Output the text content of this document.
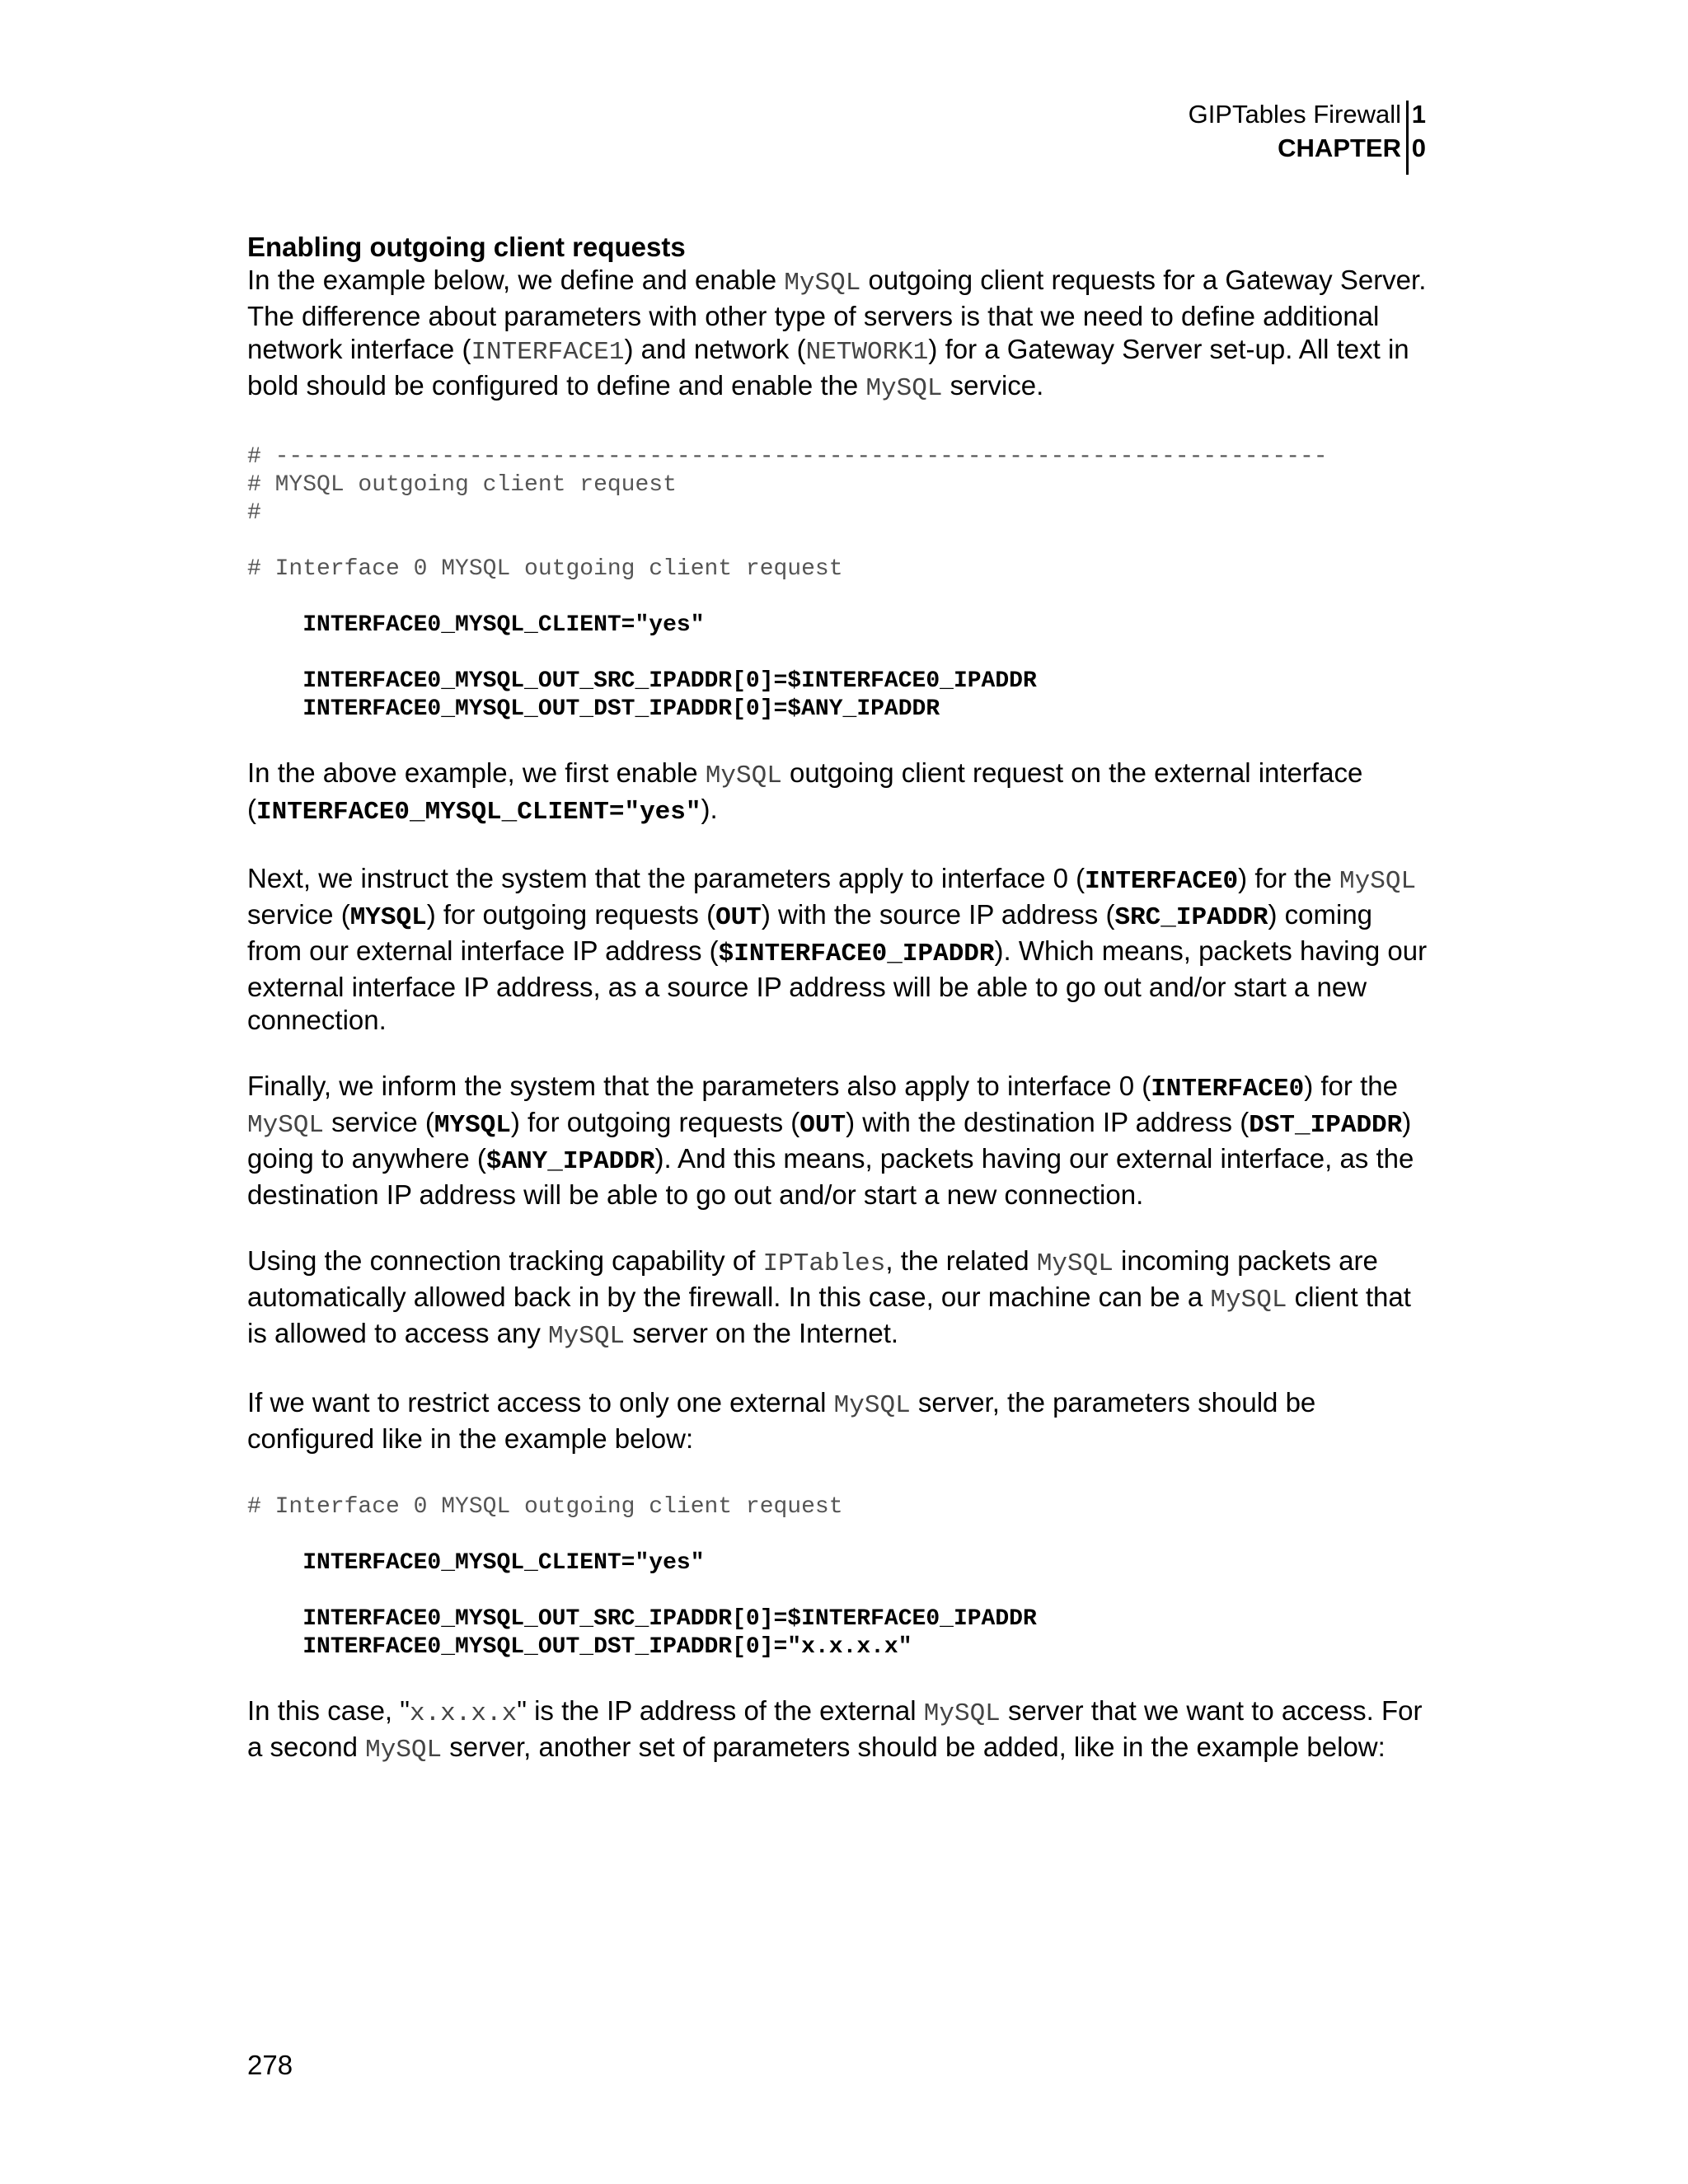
GIPTables Firewall
CHAPTER
1
0
Enabling outgoing client requests

In the example below, we define and enable MySQL outgoing client requests for a Gateway Server. The difference about parameters with other type of servers is that we need to define additional network interface (INTERFACE1) and network (NETWORK1) for a Gateway Server set-up. All text in bold should be configured to define and enable the MySQL service.

# ----------------------------------------------------------------------------
# MYSQL outgoing client request
#
# Interface 0 MYSQL outgoing client request
INTERFACE0_MYSQL_CLIENT="yes"
INTERFACE0_MYSQL_OUT_SRC_IPADDR[0]=$INTERFACE0_IPADDR
INTERFACE0_MYSQL_OUT_DST_IPADDR[0]=$ANY_IPADDR

In the above example, we first enable MySQL outgoing client request on the external interface (INTERFACE0_MYSQL_CLIENT="yes").

Next, we instruct the system that the parameters apply to interface 0 (INTERFACE0) for the MySQL service (MYSQL) for outgoing requests (OUT) with the source IP address (SRC_IPADDR) coming from our external interface IP address ($INTERFACE0_IPADDR). Which means, packets having our external interface IP address, as a source IP address will be able to go out and/or start a new connection.

Finally, we inform the system that the parameters also apply to interface 0 (INTERFACE0) for the MySQL service (MYSQL) for outgoing requests (OUT) with the destination IP address (DST_IPADDR) going to anywhere ($ANY_IPADDR). And this means, packets having our external interface, as the destination IP address will be able to go out and/or start a new connection.

Using the connection tracking capability of IPTables, the related MySQL incoming packets are automatically allowed back in by the firewall. In this case, our machine can be a MySQL client that is allowed to access any MySQL server on the Internet.

If we want to restrict access to only one external MySQL server, the parameters should be configured like in the example below:

# Interface 0 MYSQL outgoing client request
INTERFACE0_MYSQL_CLIENT="yes"
INTERFACE0_MYSQL_OUT_SRC_IPADDR[0]=$INTERFACE0_IPADDR
INTERFACE0_MYSQL_OUT_DST_IPADDR[0]="x.x.x.x"

In this case, "x.x.x.x" is the IP address of the external MySQL server that we want to access. For a second MySQL server, another set of parameters should be added, like in the example below:

278
